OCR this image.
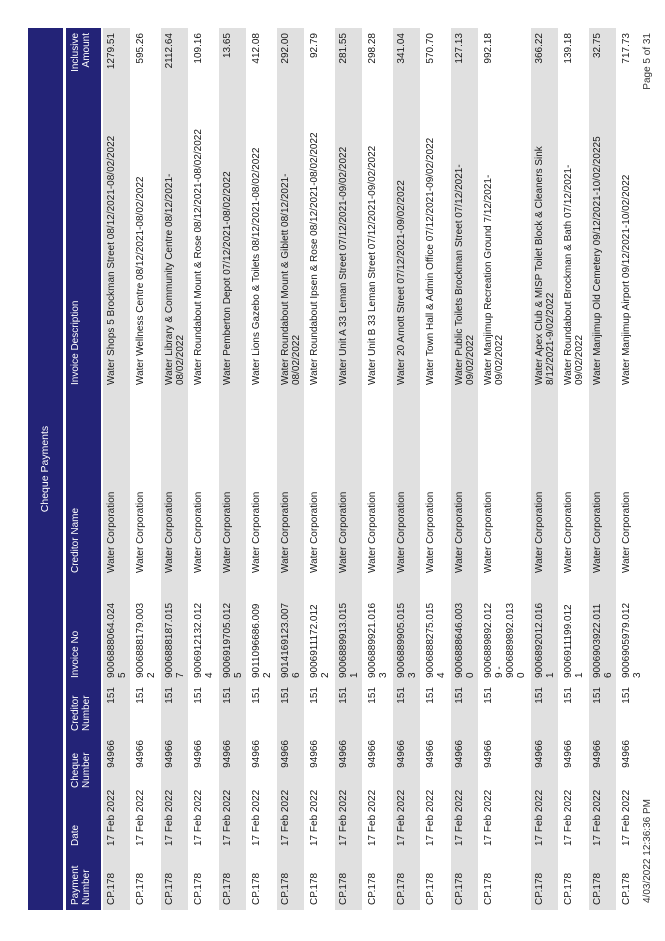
Cheque Payments
Payment Number	Date	Cheque Number	Creditor Number	Invoice No	Creditor Name	Invoice Description	Inclusive Amount
CP.178	17 Feb 2022	94966	151	9006888064.0245	Water Corporation	Water Shops 5 Brockman Street 08/12/2021-08/02/2022	1279.51
CP.178	17 Feb 2022	94966	151	9006888179.0032	Water Corporation	Water Wellness Centre 08/12/2021-08/02/2022	595.26
CP.178	17 Feb 2022	94966	151	9006888187.0157	Water Corporation	Water Library & Community Centre 08/12/2021-08/02/2022	2112.64
CP.178	17 Feb 2022	94966	151	9006912132.0124	Water Corporation	Water Roundabout Mount & Rose 08/12/2021-08/02/2022	109.16
CP.178	17 Feb 2022	94966	151	9006919705.0125	Water Corporation	Water Pemberton Depot 07/12/2021-08/02/2022	13.65
CP.178	17 Feb 2022	94966	151	9011096686.0092	Water Corporation	Water Lions Gazebo & Toilets 08/12/2021-08/02/2022	412.08
CP.178	17 Feb 2022	94966	151	9014169123.0076	Water Corporation	Water Roundabout Mount & Giblett 08/12/2021-08/02/2022	292.00
CP.178	17 Feb 2022	94966	151	9006911172.0122	Water Corporation	Water Roundabout Ipsen & Rose 08/12/2021-08/02/2022	92.79
CP.178	17 Feb 2022	94966	151	9006889913.0151	Water Corporation	Water Unit A 33 Leman Street 07/12/2021-09/02/2022	281.55
CP.178	17 Feb 2022	94966	151	9006889921.0163	Water Corporation	Water Unit B 33 Leman Street 07/12/2021-09/02/2022	298.28
CP.178	17 Feb 2022	94966	151	9006889905.0153	Water Corporation	Water 20 Arnott Street 07/12/2021-09/02/2022	341.04
CP.178	17 Feb 2022	94966	151	9006888275.0154	Water Corporation	Water Town Hall & Admin Office 07/12/2021-09/02/2022	570.70
CP.178	17 Feb 2022	94966	151	9006888646.0030	Water Corporation	Water Public Toilets Brockman Street 07/12/2021-09/02/2022	127.13
CP.178	17 Feb 2022	94966	151	9006889892.0129 - 9006889892.0130	Water Corporation	Water Manjimup Recreation Ground 7/12/2021-09/02/2022	992.18
CP.178	17 Feb 2022	94966	151	9006892012.0161	Water Corporation	Water Apex Club & MISP Toilet Block & Cleaners Sink 8/12/2021-9/02/2022	366.22
CP.178	17 Feb 2022	94966	151	9006911199.0121	Water Corporation	Water Roundabout Brockman & Bath 07/12/2021-09/02/2022	139.18
CP.178	17 Feb 2022	94966	151	9006903922.0116	Water Corporation	Water Manjimup Old Cemetery 09/12/2021-10/02/20225	32.75
CP.178	17 Feb 2022	94966	151	9006905979.0123	Water Corporation	Water Manjimup Airport 09/12/2021-10/02/2022	717.73
4/03/2022 12:36:36 PM
Page 5 of 31
